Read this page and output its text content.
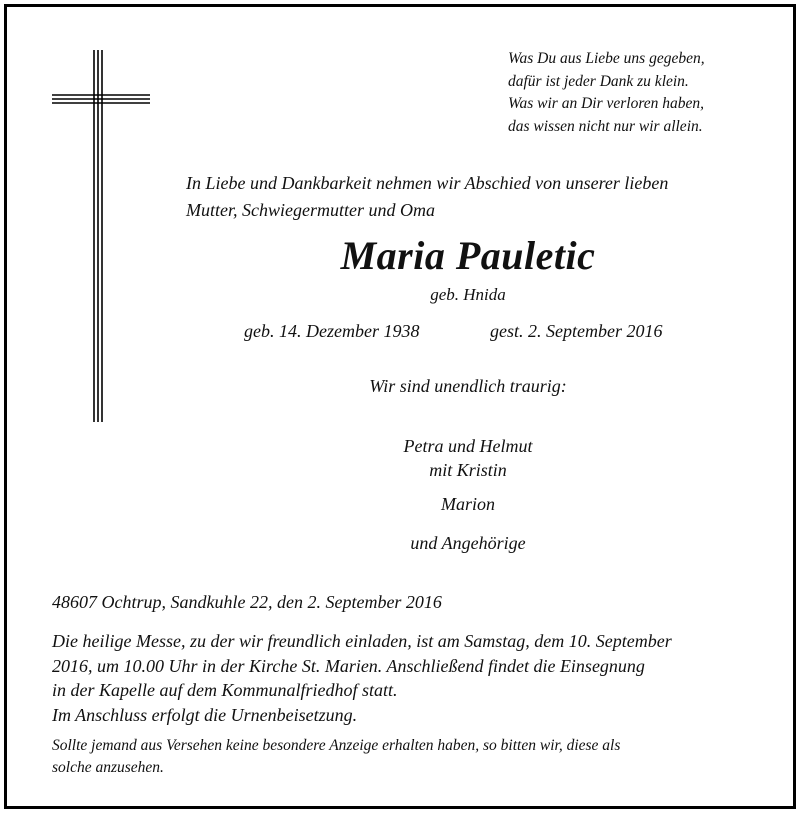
Was Du aus Liebe uns gegeben,
dafür ist jeder Dank zu klein.
Was wir an Dir verloren haben,
das wissen nicht nur wir allein.
In Liebe und Dankbarkeit nehmen wir Abschied von unserer lieben
Mutter, Schwiegermutter und Oma
Maria Pauletic
geb. Hnida
geb. 14. Dezember 1938	gest. 2. September 2016
Wir sind unendlich traurig:
Petra und Helmut
mit Kristin
Marion
und Angehörige
48607 Ochtrup, Sandkuhle 22, den 2. September 2016
Die heilige Messe, zu der wir freundlich einladen, ist am Samstag, dem 10. September
2016, um 10.00 Uhr in der Kirche St. Marien. Anschließend findet die Einsegnung
in der Kapelle auf dem Kommunalfriedhof statt.
Im Anschluss erfolgt die Urnenbeisetzung.
Sollte jemand aus Versehen keine besondere Anzeige erhalten haben, so bitten wir, diese als
solche anzusehen.
